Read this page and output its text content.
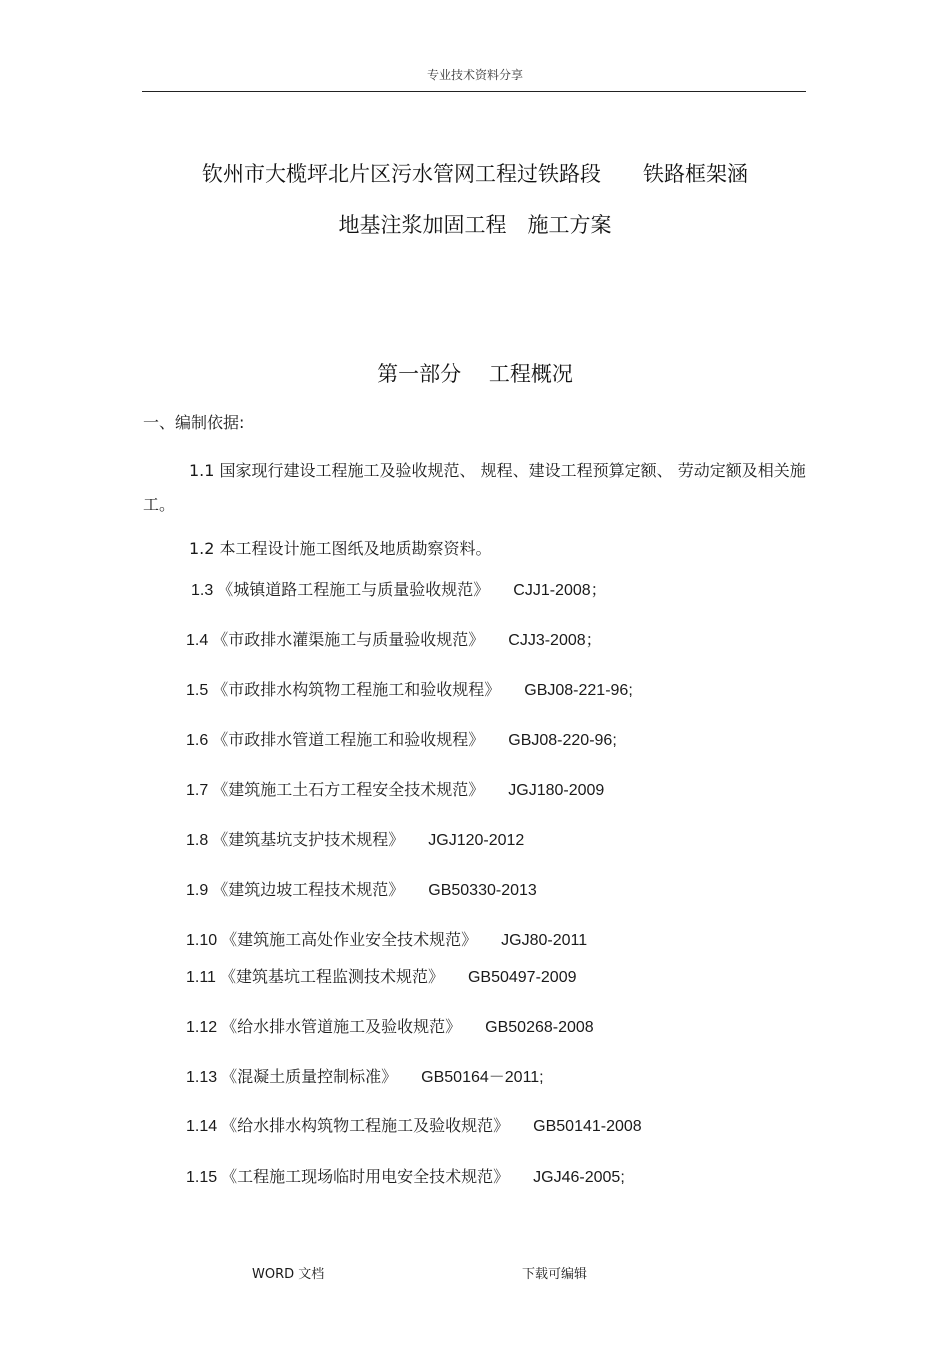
专业技术资料分享
钦州市大榄坪北片区污水管网工程过铁路段　　铁路框架涵
地基注浆加固工程　施工方案
第一部分　 工程概况
一、编制依据:
1.1 国家现行建设工程施工及验收规范、 规程、建设工程预算定额、 劳动定额及相关施工。
1.2 本工程设计施工图纸及地质勘察资料。
1.3 《城镇道路工程施工与质量验收规范》 CJJ1-2008；
1.4 《市政排水灌渠施工与质量验收规范》 CJJ3-2008；
1.5 《市政排水构筑物工程施工和验收规程》 GBJ08-221-96;
1.6 《市政排水管道工程施工和验收规程》 GBJ08-220-96;
1.7 《建筑施工土石方工程安全技术规范》 JGJ180-2009
1.8 《建筑基坑支护技术规程》 JGJ120-2012
1.9 《建筑边坡工程技术规范》 GB50330-2013
1.10 《建筑施工高处作业安全技术规范》 JGJ80-2011
1.11 《建筑基坑工程监测技术规范》 GB50497-2009
1.12 《给水排水管道施工及验收规范》 GB50268-2008
1.13 《混凝土质量控制标准》 GB50164－2011;
1.14 《给水排水构筑物工程施工及验收规范》 GB50141-2008
1.15 《工程施工现场临时用电安全技术规范》 JGJ46-2005;
WORD 文档	下载可编辑
